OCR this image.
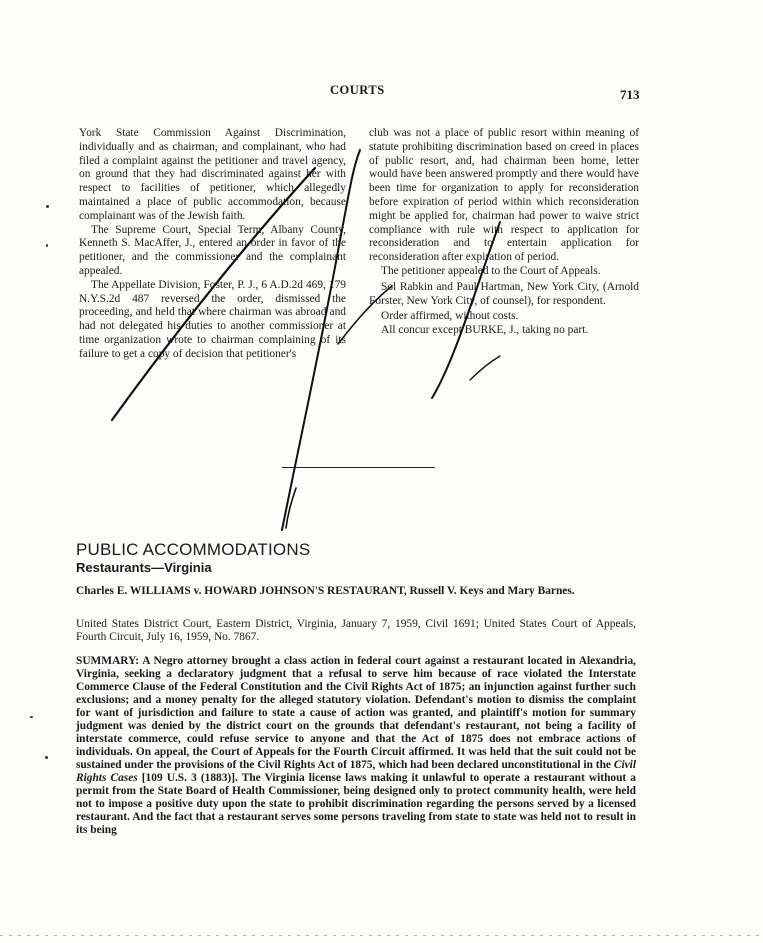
COURTS	713

York State Commission Against Discrimination, individually and as chairman, and complainant, who had filed a complaint against the petitioner and travel agency, on ground that they had discriminated against her with respect to facilities of petitioner, which allegedly maintained a place of public accommodation, because complainant was of the Jewish faith.

The Supreme Court, Special Term, Albany County, Kenneth S. MacAffer, J., entered an order in favor of the petitioner, and the commissioner and the complainant appealed.

The Appellate Division, Foster, P. J., 6 A.D.2d 469, 179 N.Y.S.2d 487 reversed the order, dismissed the proceeding, and held that where chairman was abroad and had not delegated his duties to another commissioner at time organization wrote to chairman complaining of its failure to get a copy of decision that petitioner's

club was not a place of public resort within meaning of statute prohibiting discrimination based on creed in places of public resort, and, had chairman been home, letter would have been answered promptly and there would have been time for organization to apply for reconsideration before expiration of period within which reconsideration might be applied for, chairman had power to waive strict compliance with rule with respect to application for reconsideration and to entertain application for reconsideration after expiration of period.

The petitioner appealed to the Court of Appeals.

Sol Rabkin and Paul Hartman, New York City, (Arnold Forster, New York City, of counsel), for respondent.

Order affirmed, without costs.

All concur except BURKE, J., taking no part.

PUBLIC ACCOMMODATIONS
Restaurants—Virginia

Charles E. WILLIAMS v. HOWARD JOHNSON'S RESTAURANT, Russell V. Keys and Mary Barnes.

United States District Court, Eastern District, Virginia, January 7, 1959, Civil 1691; United States Court of Appeals, Fourth Circuit, July 16, 1959, No. 7867.

SUMMARY: A Negro attorney brought a class action in federal court against a restaurant located in Alexandria, Virginia, seeking a declaratory judgment that a refusal to serve him because of race violated the Interstate Commerce Clause of the Federal Constitution and the Civil Rights Act of 1875; an injunction against further such exclusions; and a money penalty for the alleged statutory violation. Defendant's motion to dismiss the complaint for want of jurisdiction and failure to state a cause of action was granted, and plaintiff's motion for summary judgment was denied by the district court on the grounds that defendant's restaurant, not being a facility of interstate commerce, could refuse service to anyone and that the Act of 1875 does not embrace actions of individuals. On appeal, the Court of Appeals for the Fourth Circuit affirmed. It was held that the suit could not be sustained under the provisions of the Civil Rights Act of 1875, which had been declared unconstitutional in the Civil Rights Cases [109 U.S. 3 (1883)]. The Virginia license laws making it unlawful to operate a restaurant without a permit from the State Board of Health Commissioner, being designed only to protect community health, were held not to impose a positive duty upon the state to prohibit discrimination regarding the persons served by a licensed restaurant. And the fact that a restaurant serves some persons traveling from state to state was held not to result in its being
